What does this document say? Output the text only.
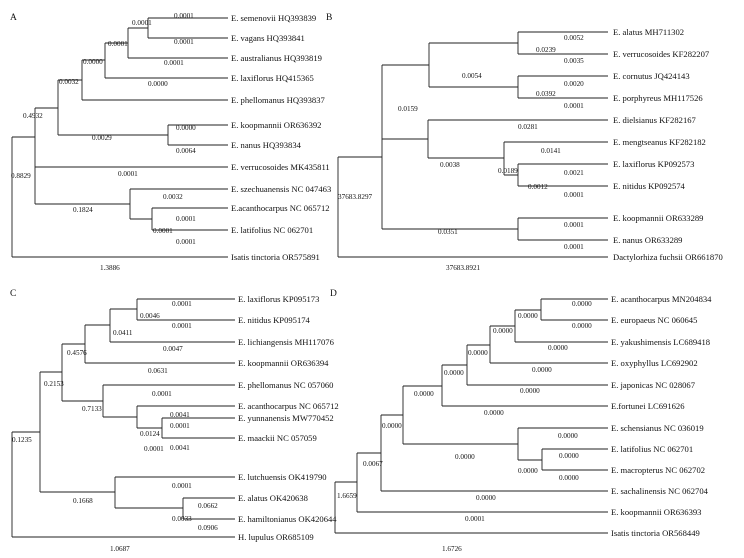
A	E. semenovii HQ393839
E. vagans HQ393841
E. australianus HQ393819
E. laxiflorus HQ415365
E. phellomanus HQ393837
E. koopmannii OR636392
E. nanus HQ393834
E. verrucosoides MK435811
E. szechuanensis NC 047463
E.acanthocarpus NC 065712
E. latifolius NC 062701
Isatis tinctoria OR575891
0.0001
0.0001
0.0001
0.0001
0.0001
0.0000
0.0000
0.0032
0.0000
0.0029
0.0064
0.4932
0.0001
0.8829
0.0032
0.1824
0.0001
0.0001
0.0001
1.3886
B
E. alatus MH711302
E. verrucosoides KF282207
E. cornutus JQ424143
E. porphyreus MH117526
E. dielsianus KF282167
E. mengtseanus KF282182
E. laxiflorus KP092573
E. nitidus KP092574
E. koopmannii OR633289
E. nanus OR633289
Dactylorhiza fuchsii OR661870
0.0052
0.0239
0.0035
0.0054
0.0020
0.0392
0.0001
0.0159
0.0281
0.0141
0.0038
0.0189	0.0021
0.0012
0.0001
37683.8297
0.0001
0.0351
0.0001
37683.8921
C	E. laxiflorus KP095173
E. nitidus KP095174
E. lichiangensis MH117076
E. koopmannii OR636394
E. phellomanus NC 057060
E. acanthocarpus NC 065712
E. yunnanensis MW770452
E. maackii NC 057059
E. lutchuensis OK419790
E. alatus OK420638
E. hamiltonianus OK420644
H. lupulus OR685109
0.0001
0.0046
0.0411
0.0001
0.4576	0.0047
0.0631
0.2153
0.0001
0.7133
0.0041
0.0124
0.0001
0.0001 0.0041
0.1235
0.0001
0.1668
0.0662
0.0033
0.0906
1.0687
D	E. acanthocarpus MN204834
E. europaeus NC 060645
E. yakushimensis LC689418
E. oxyphyllus LC692902
E. japonicas NC 028067
E.fortunei LC691626
E. schensianus NC 036019
E. latifolius NC 062701
E. macropterus NC 062702
E. sachalinensis NC 062704
E. koopmannii OR636393
Isatis tinctoria OR568449
0.0000
0.0000
0.0000
0.0000
0.0000
0.0000
0.0000
0.0000
0.0000
0.0000
0.0000
0.0000
0.0000
0.0000
0.0000
0.0000
0.0000
0.0067
0.0000
1.6659
0.0001
1.6726
